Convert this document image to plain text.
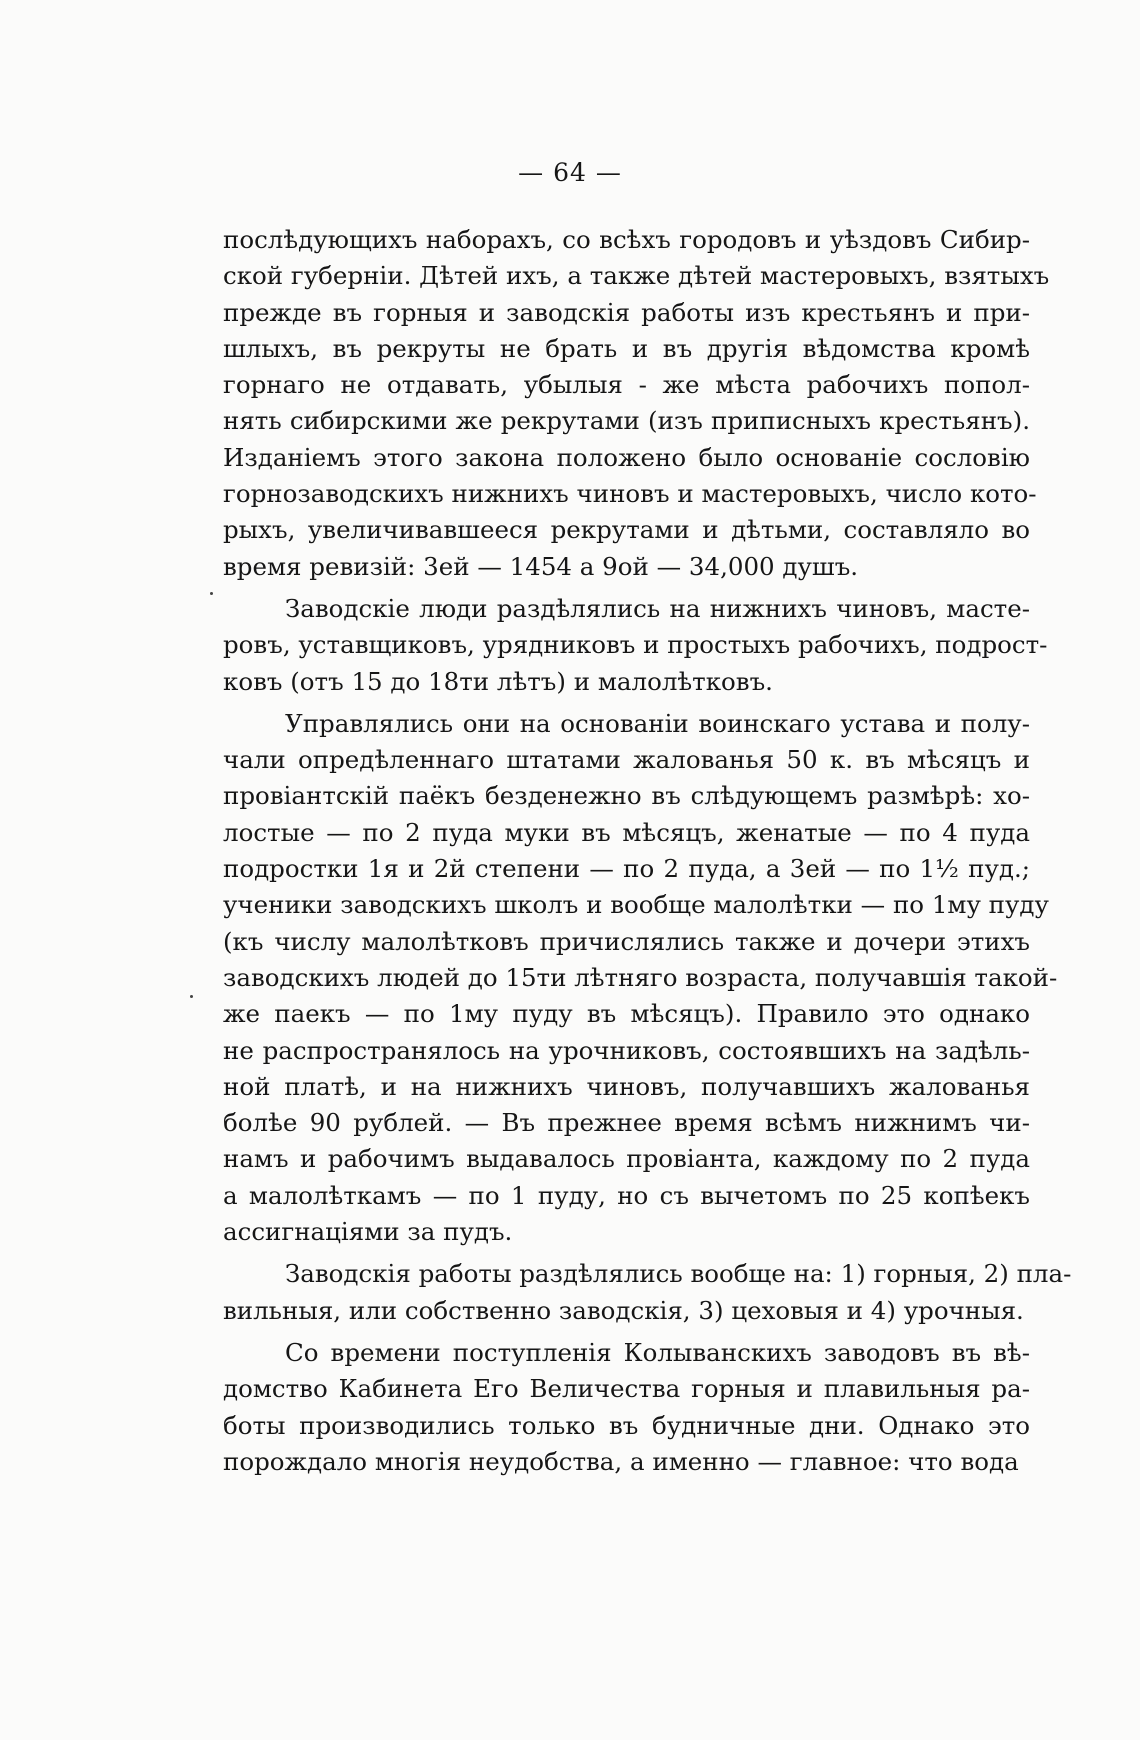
— 64 —
послѣдующихъ наборахъ, со всѣхъ городовъ и уѣздовъ Сибир-
ской губерніи. Дѣтей ихъ, а также дѣтей мастеровыхъ, взятыхъ
прежде въ горныя и заводскія работы изъ крестьянъ и при-
шлыхъ, въ рекруты не брать и въ другія вѣдомства кромѣ
горнаго не отдавать, убылыя - же мѣста рабочихъ попол-
нять сибирскими же рекрутами (изъ приписныхъ крестьянъ).
Изданіемъ этого закона положено было основаніе сословію
горнозаводскихъ нижнихъ чиновъ и мастеровыхъ, число кото-
рыхъ, увеличивавшееся рекрутами и дѣтьми, составляло во
время ревизій: 3ей — 1454 а 9ой — 34,000 душъ.
Заводскіе люди раздѣлялись на нижнихъ чиновъ, масте-
ровъ, уставщиковъ, урядниковъ и простыхъ рабочихъ, подрост-
ковъ (отъ 15 до 18ти лѣтъ) и малолѣтковъ.
Управлялись они на основаніи воинскаго устава и полу-
чали опредѣленнаго штатами жалованья 50 к. въ мѣсяцъ и
провіантскій паёкъ безденежно въ слѣдующемъ размѣрѣ: хо-
лостые — по 2 пуда муки въ мѣсяцъ, женатые — по 4 пуда
подростки 1я и 2й степени — по 2 пуда, а 3ей — по 1½ пуд.;
ученики заводскихъ школъ и вообще малолѣтки — по 1му пуду
(къ числу малолѣтковъ причислялись также и дочери этихъ
заводскихъ людей до 15ти лѣтняго возраста, получавшія такой-
же паекъ — по 1му пуду въ мѣсяцъ). Правило это однако
не распространялось на урочниковъ, состоявшихъ на задѣль-
ной платѣ, и на нижнихъ чиновъ, получавшихъ жалованья
болѣе 90 рублей. — Въ прежнее время всѣмъ нижнимъ чи-
намъ и рабочимъ выдавалось провіанта, каждому по 2 пуда
а малолѣткамъ — по 1 пуду, но съ вычетомъ по 25 копѣекъ
ассигнаціями за пудъ.
Заводскія работы раздѣлялись вообще на: 1) горныя, 2) пла-
вильныя, или собственно заводскія, 3) цеховыя и 4) урочныя.
Со времени поступленія Колыванскихъ заводовъ въ вѣ-
домство Кабинета Его Величества горныя и плавильныя ра-
боты производились только въ будничные дни. Однако это
порождало многія неудобства, а именно — главное: что вода
